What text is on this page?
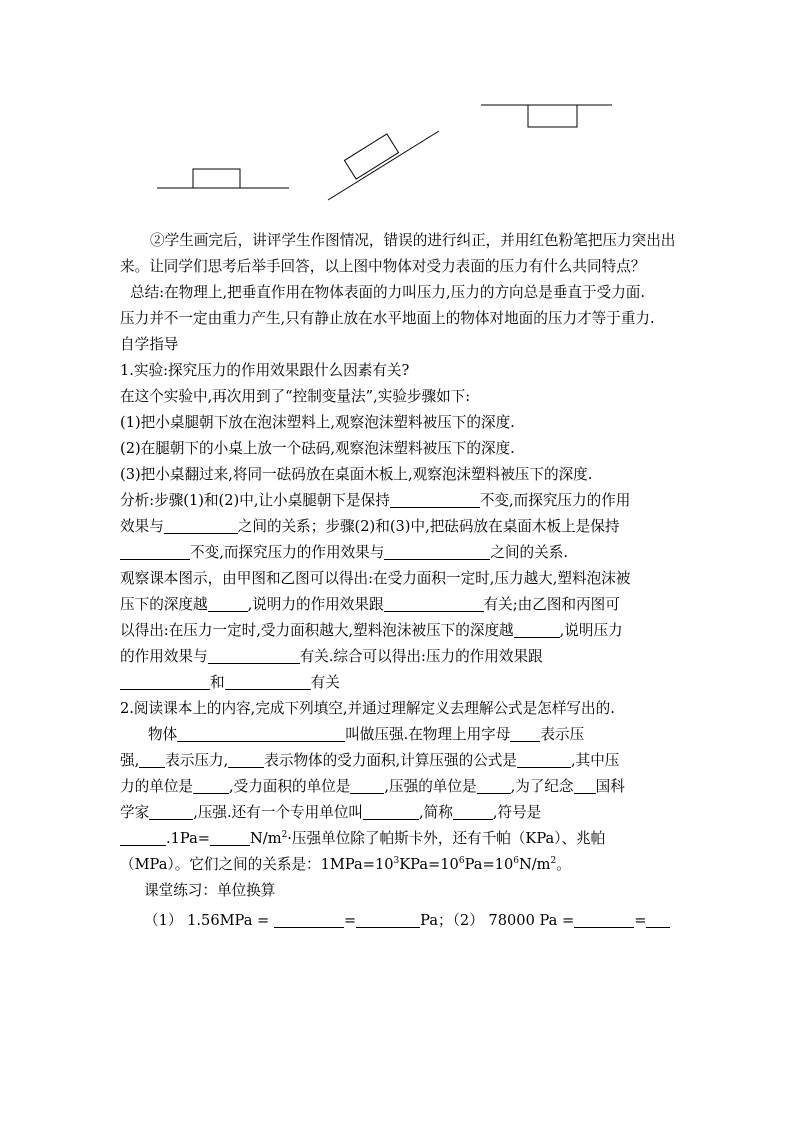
②学生画完后，讲评学生作图情况，错误的进行纠正，并用红色粉笔把压力突出出来。让同学们思考后举手回答，以上图中物体对受力表面的压力有什么共同特点？

总结:在物理上,把垂直作用在物体表面的力叫压力,压力的方向总是垂直于受力面.

压力并不一定由重力产生,只有静止放在水平地面上的物体对地面的压力才等于重力.

自学指导

1.实验:探究压力的作用效果跟什么因素有关?

在这个实验中,再次用到了“控制变量法”,实验步骤如下:

(1)把小桌腿朝下放在泡沫塑料上,观察泡沫塑料被压下的深度.

(2)在腿朝下的小桌上放一个砝码,观察泡沫塑料被压下的深度.

(3)把小桌翻过来,将同一砝码放在桌面木板上,观察泡沫塑料被压下的深度.

分析:步骤(1)和(2)中,让小桌腿朝下是保持	不变,而探究压力的作用

效果与	之间的关系；步骤(2)和(3)中,把砝码放在桌面木板上是保持

不变,而探究压力的作用效果与	之间的关系.

观察课本图示，由甲图和乙图可以得出:在受力面积一定时,压力越大,塑料泡沫被

压下的深度越	,说明力的作用效果跟	有关;由乙图和丙图可

以得出:在压力一定时,受力面积越大,塑料泡沫被压下的深度越	,说明压力

的作用效果与	有关.综合可以得出:压力的作用效果跟

和	有关

2.阅读课本上的内容,完成下列填空,并通过理解定义去理解公式是怎样写出的.

物体	叫做压强.在物理上用字母 表示压

强, 表示压力, 表示物体的受力面积,计算压强的公式是	,其中压

力的单位是 ,受力面积的单位是 ,压强的单位是 ,为了纪念 国科

学家	,压强.还有一个专用单位叫	,简称	,符号是

.1Pa=	$N/m^2\cdot$压强单位除了帕斯卡外，还有千帕（KPa）、兆帕

（MPa）。它们之间的关系是：$1MPa=10^3KPa=10^6Pa=10^6N/m^2$。

课堂练习：单位换算

（1） 1.56MPa =	=	Pa；（2） 78000 Pa =	=
